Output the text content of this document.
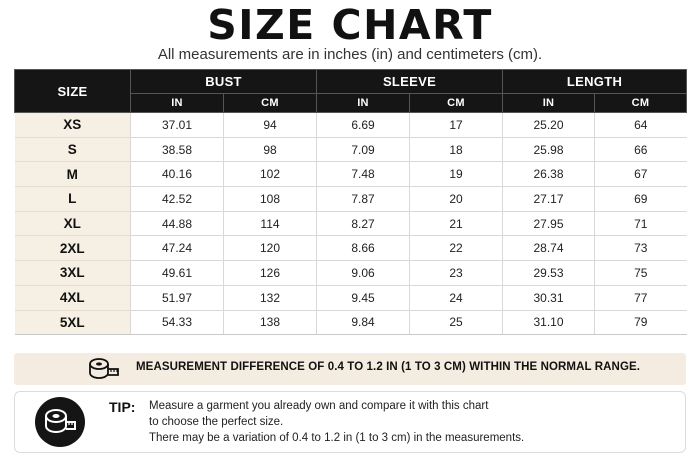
SIZE CHART
All measurements are in inches (in) and centimeters (cm).
SIZE	BUST		SLEEVE		LENGTH	
	IN	CM	IN	CM	IN	CM
XS	37.01	94	6.69	17	25.20	64
S	38.58	98	7.09	18	25.98	66
M	40.16	102	7.48	19	26.38	67
L	42.52	108	7.87	20	27.17	69
XL	44.88	114	8.27	21	27.95	71
2XL	47.24	120	8.66	22	28.74	73
3XL	49.61	126	9.06	23	29.53	75
4XL	51.97	132	9.45	24	30.31	77
5XL	54.33	138	9.84	25	31.10	79
MEASUREMENT DIFFERENCE OF 0.4 TO 1.2 IN (1 TO 3 CM) WITHIN THE NORMAL RANGE.
TIP: Measure a garment you already own and compare it with this chart
to choose the perfect size.
There may be a variation of 0.4 to 1.2 in (1 to 3 cm) in the measurements.
